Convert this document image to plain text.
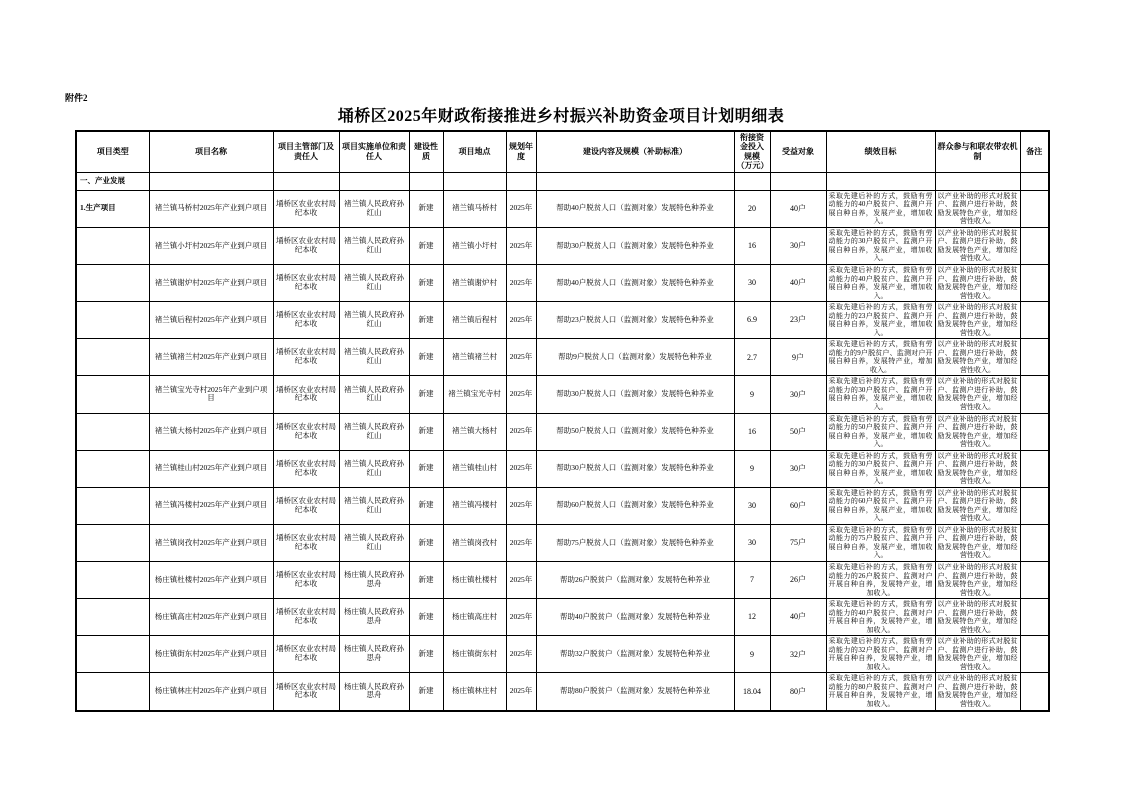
附件2
埇桥区2025年财政衔接推进乡村振兴补助资金项目计划明细表
项目类型	项目名称	项目主管部门及责任人	项目实施单位和责任人	建设性质	项目地点	规划年度	建设内容及规模（补助标准）	衔接资金投入规模（万元）	受益对象	绩效目标	群众参与和联农带农机制	备注
一、产业发展												
1.生产项目	褚兰镇马桥村2025年产业到户项目	埇桥区农业农村局纪本收	褚兰镇人民政府孙红山	新建	褚兰镇马桥村	2025年	帮助40户脱贫人口（监测对象）发展特色种养业	20	40户	采取先建后补的方式，鼓励有劳动能力的40户脱贫户、监测户开展自种自养，发展产业，增加收入。	以产业补助的形式对脱贫户、监测户进行补助，鼓励发展特色产业，增加经营性收入。	
	褚兰镇小圩村2025年产业到户项目	埇桥区农业农村局纪本收	褚兰镇人民政府孙红山	新建	褚兰镇小圩村	2025年	帮助30户脱贫人口（监测对象）发展特色种养业	16	30户	采取先建后补的方式，鼓励有劳动能力的30户脱贫户、监测户开展自种自养，发展产业，增加收入。	以产业补助的形式对脱贫户、监测户进行补助，鼓励发展特色产业，增加经营性收入。	
	褚兰镇谢炉村2025年产业到户项目	埇桥区农业农村局纪本收	褚兰镇人民政府孙红山	新建	褚兰镇谢炉村	2025年	帮助40户脱贫人口（监测对象）发展特色种养业	30	40户	采取先建后补的方式，鼓励有劳动能力的40户脱贫户、监测户开展自种自养，发展产业，增加收入。	以产业补助的形式对脱贫户、监测户进行补助，鼓励发展特色产业，增加经营性收入。	
	褚兰镇后程村2025年产业到户项目	埇桥区农业农村局纪本收	褚兰镇人民政府孙红山	新建	褚兰镇后程村	2025年	帮助23户脱贫人口（监测对象）发展特色种养业	6.9	23户	采取先建后补的方式，鼓励有劳动能力的23户脱贫户、监测户开展自种自养，发展产业，增加收入。	以产业补助的形式对脱贫户、监测户进行补助，鼓励发展特色产业，增加经营性收入。	
	褚兰镇褚兰村2025年产业到户项目	埇桥区农业农村局纪本收	褚兰镇人民政府孙红山	新建	褚兰镇褚兰村	2025年	帮助9户脱贫人口（监测对象）发展特色种养业	2.7	9户	采取先建后补的方式，鼓励有劳动能力的9户脱贫户、监测对户开展自种自养，发展特产业，增加收入。	以产业补助的形式对脱贫户、监测户进行补助，鼓励发展特色产业，增加经营性收入。	
	褚兰镇宝光寺村2025年产业到户项目	埇桥区农业农村局纪本收	褚兰镇人民政府孙红山	新建	褚兰镇宝光寺村	2025年	帮助30户脱贫人口（监测对象）发展特色种养业	9	30户	采取先建后补的方式，鼓励有劳动能力的30户脱贫户、监测户开展自种自养，发展产业，增加收入。	以产业补助的形式对脱贫户、监测户进行补助，鼓励发展特色产业，增加经营性收入。	
	褚兰镇大杨村2025年产业到户项目	埇桥区农业农村局纪本收	褚兰镇人民政府孙红山	新建	褚兰镇大杨村	2025年	帮助50户脱贫人口（监测对象）发展特色种养业	16	50户	采取先建后补的方式，鼓励有劳动能力的50户脱贫户、监测户开展自种自养，发展产业，增加收入。	以产业补助的形式对脱贫户、监测户进行补助，鼓励发展特色产业，增加经营性收入。	
	褚兰镇桂山村2025年产业到户项目	埇桥区农业农村局纪本收	褚兰镇人民政府孙红山	新建	褚兰镇桂山村	2025年	帮助30户脱贫人口（监测对象）发展特色种养业	9	30户	采取先建后补的方式，鼓励有劳动能力的30户脱贫户、监测户开展自种自养，发展产业，增加收入。	以产业补助的形式对脱贫户、监测户进行补助，鼓励发展特色产业，增加经营性收入。	
	褚兰镇冯楼村2025年产业到户项目	埇桥区农业农村局纪本收	褚兰镇人民政府孙红山	新建	褚兰镇冯楼村	2025年	帮助60户脱贫人口（监测对象）发展特色种养业	30	60户	采取先建后补的方式，鼓励有劳动能力的60户脱贫户、监测户开展自种自养，发展产业，增加收入。	以产业补助的形式对脱贫户、监测户进行补助，鼓励发展特色产业，增加经营性收入。	
	褚兰镇岗孜村2025年产业到户项目	埇桥区农业农村局纪本收	褚兰镇人民政府孙红山	新建	褚兰镇岗孜村	2025年	帮助75户脱贫人口（监测对象）发展特色种养业	30	75户	采取先建后补的方式，鼓励有劳动能力的75户脱贫户、监测户开展自种自养，发展产业，增加收入。	以产业补助的形式对脱贫户、监测户进行补助，鼓励发展特色产业，增加经营性收入。	
	杨庄镇杜楼村2025年产业到户项目	埇桥区农业农村局纪本收	杨庄镇人民政府孙思舟	新建	杨庄镇杜楼村	2025年	帮助26户脱贫户（监测对象）发展特色种养业	7	26户	采取先建后补的方式，鼓励有劳动能力的26户脱贫户、监测对户开展自种自养，发展特产业，增加收入。	以产业补助的形式对脱贫户、监测户进行补助，鼓励发展特色产业，增加经营性收入。	
	杨庄镇高庄村2025年产业到户项目	埇桥区农业农村局纪本收	杨庄镇人民政府孙思舟	新建	杨庄镇高庄村	2025年	帮助40户脱贫户（监测对象）发展特色种养业	12	40户	采取先建后补的方式，鼓励有劳动能力的40户脱贫户、监测对户开展自种自养，发展特产业，增加收入。	以产业补助的形式对脱贫户、监测户进行补助，鼓励发展特色产业，增加经营性收入。	
	杨庄镇街东村2025年产业到户项目	埇桥区农业农村局纪本收	杨庄镇人民政府孙思舟	新建	杨庄镇街东村	2025年	帮助32户脱贫户（监测对象）发展特色种养业	9	32户	采取先建后补的方式，鼓励有劳动能力的32户脱贫户、监测对户开展自种自养，发展特产业，增加收入。	以产业补助的形式对脱贫户、监测户进行补助，鼓励发展特色产业，增加经营性收入。	
	杨庄镇林庄村2025年产业到户项目	埇桥区农业农村局纪本收	杨庄镇人民政府孙思舟	新建	杨庄镇林庄村	2025年	帮助80户脱贫户（监测对象）发展特色种养业	18.04	80户	采取先建后补的方式，鼓励有劳动能力的80户脱贫户、监测对户开展自种自养，发展特产业，增加收入。	以产业补助的形式对脱贫户、监测户进行补助，鼓励发展特色产业，增加经营性收入。	
